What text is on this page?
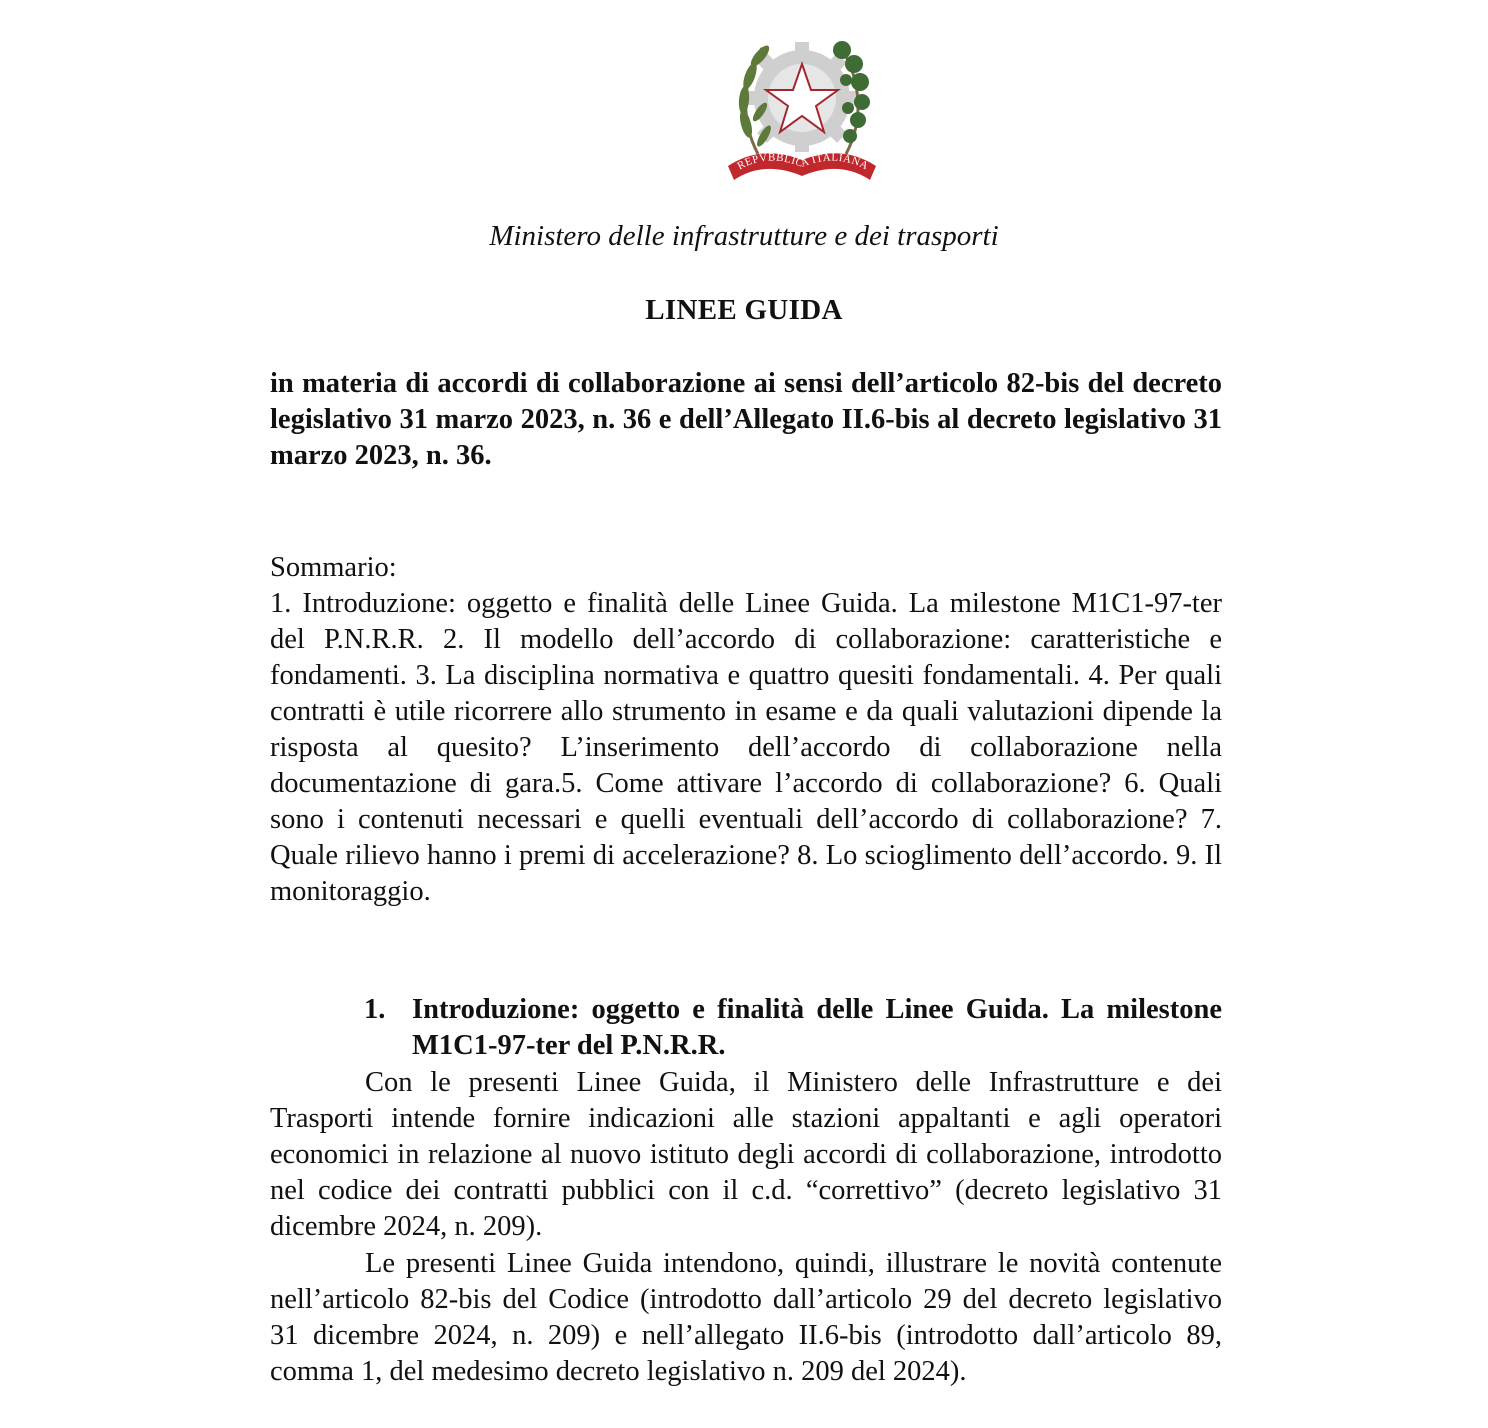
REPVBBLICA ITALIANA
Ministero delle infrastrutture e dei trasporti
LINEE GUIDA
in materia di accordi di collaborazione ai sensi dell’articolo 82-bis del decreto legislativo 31 marzo 2023, n. 36 e dell’Allegato II.6-bis al decreto legislativo 31 marzo 2023, n. 36.
Sommario:
1. Introduzione: oggetto e finalità delle Linee Guida. La milestone M1C1-97-ter del P.N.R.R. 2. Il modello dell’accordo di collaborazione: caratteristiche e fondamenti. 3. La disciplina normativa e quattro quesiti fondamentali. 4. Per quali contratti è utile ricorrere allo strumento in esame e da quali valutazioni dipende la risposta al quesito? L’inserimento dell’accordo di collaborazione nella documentazione di gara.5. Come attivare l’accordo di collaborazione? 6. Quali sono i contenuti necessari e quelli eventuali dell’accordo di collaborazione? 7. Quale rilievo hanno i premi di accelerazione? 8. Lo scioglimento dell’accordo. 9. Il monitoraggio.
1. Introduzione: oggetto e finalità delle Linee Guida. La milestone M1C1-97-ter del P.N.R.R.

Con le presenti Linee Guida, il Ministero delle Infrastrutture e dei Trasporti intende fornire indicazioni alle stazioni appaltanti e agli operatori economici in relazione al nuovo istituto degli accordi di collaborazione, introdotto nel codice dei contratti pubblici con il c.d. “correttivo” (decreto legislativo 31 dicembre 2024, n. 209).

Le presenti Linee Guida intendono, quindi, illustrare le novità contenute nell’articolo 82-bis del Codice (introdotto dall’articolo 29 del decreto legislativo 31 dicembre 2024, n. 209) e nell’allegato II.6-bis (introdotto dall’articolo 89, comma 1, del medesimo decreto legislativo n. 209 del 2024).
